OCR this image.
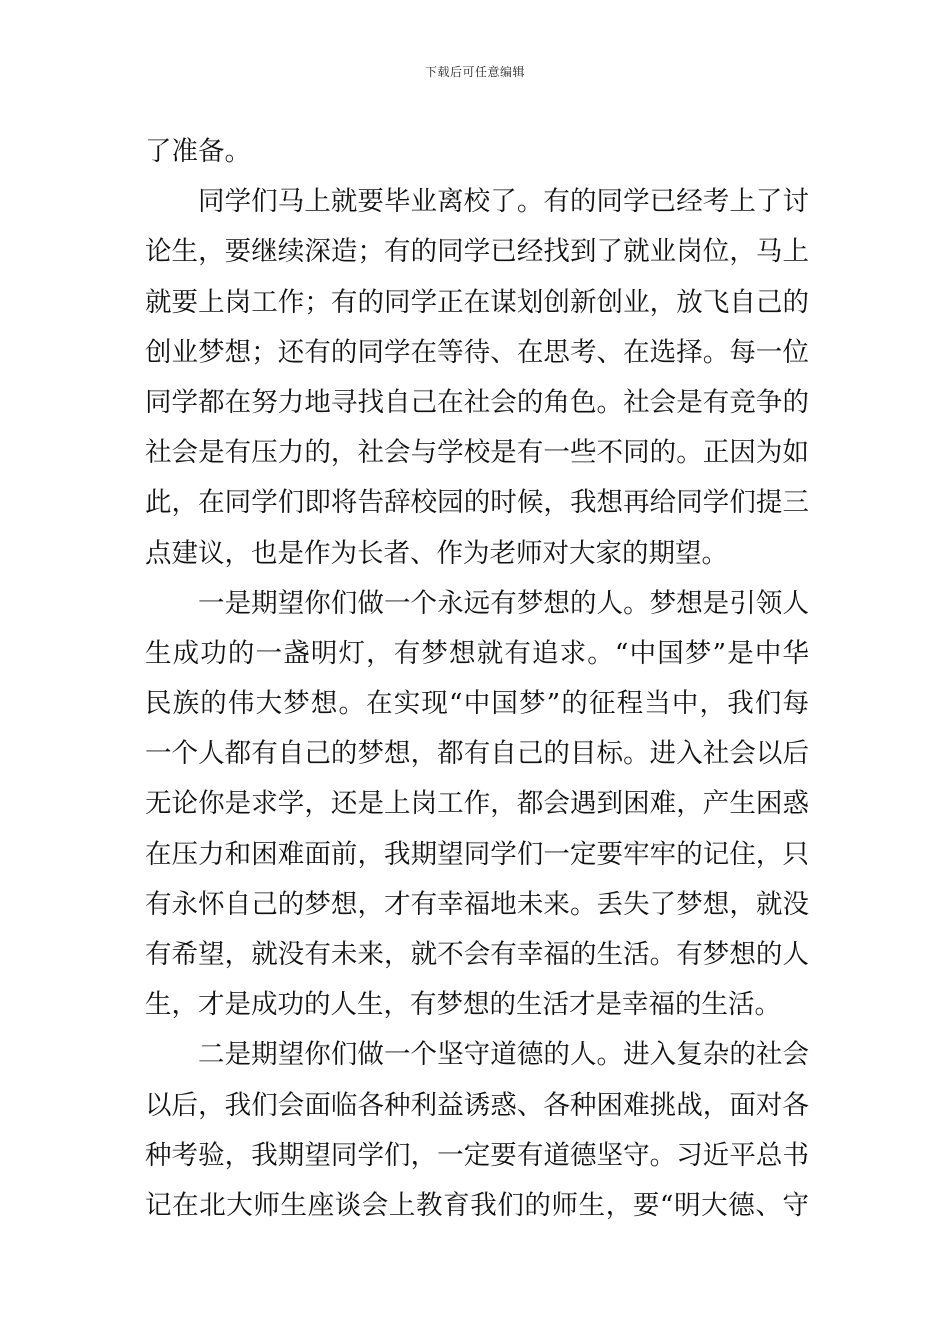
下载后可任意编辑
了准备。
同学们马上就要毕业离校了。有的同学已经考上了讨
论生，要继续深造；有的同学已经找到了就业岗位，马上
就要上岗工作；有的同学正在谋划创新创业，放飞自己的
创业梦想；还有的同学在等待、在思考、在选择。每一位
同学都在努力地寻找自己在社会的角色。社会是有竞争的
社会是有压力的，社会与学校是有一些不同的。正因为如
此，在同学们即将告辞校园的时候，我想再给同学们提三
点建议，也是作为长者、作为老师对大家的期望。
一是期望你们做一个永远有梦想的人。梦想是引领人
生成功的一盏明灯，有梦想就有追求。“中国梦”是中华
民族的伟大梦想。在实现“中国梦”的征程当中，我们每
一个人都有自己的梦想，都有自己的目标。进入社会以后
无论你是求学，还是上岗工作，都会遇到困难，产生困惑
在压力和困难面前，我期望同学们一定要牢牢的记住，只
有永怀自己的梦想，才有幸福地未来。丢失了梦想，就没
有希望，就没有未来，就不会有幸福的生活。有梦想的人
生，才是成功的人生，有梦想的生活才是幸福的生活。
二是期望你们做一个坚守道德的人。进入复杂的社会
以后，我们会面临各种利益诱惑、各种困难挑战，面对各
种考验，我期望同学们，一定要有道德坚守。习近平总书
记在北大师生座谈会上教育我们的师生，要“明大德、守
